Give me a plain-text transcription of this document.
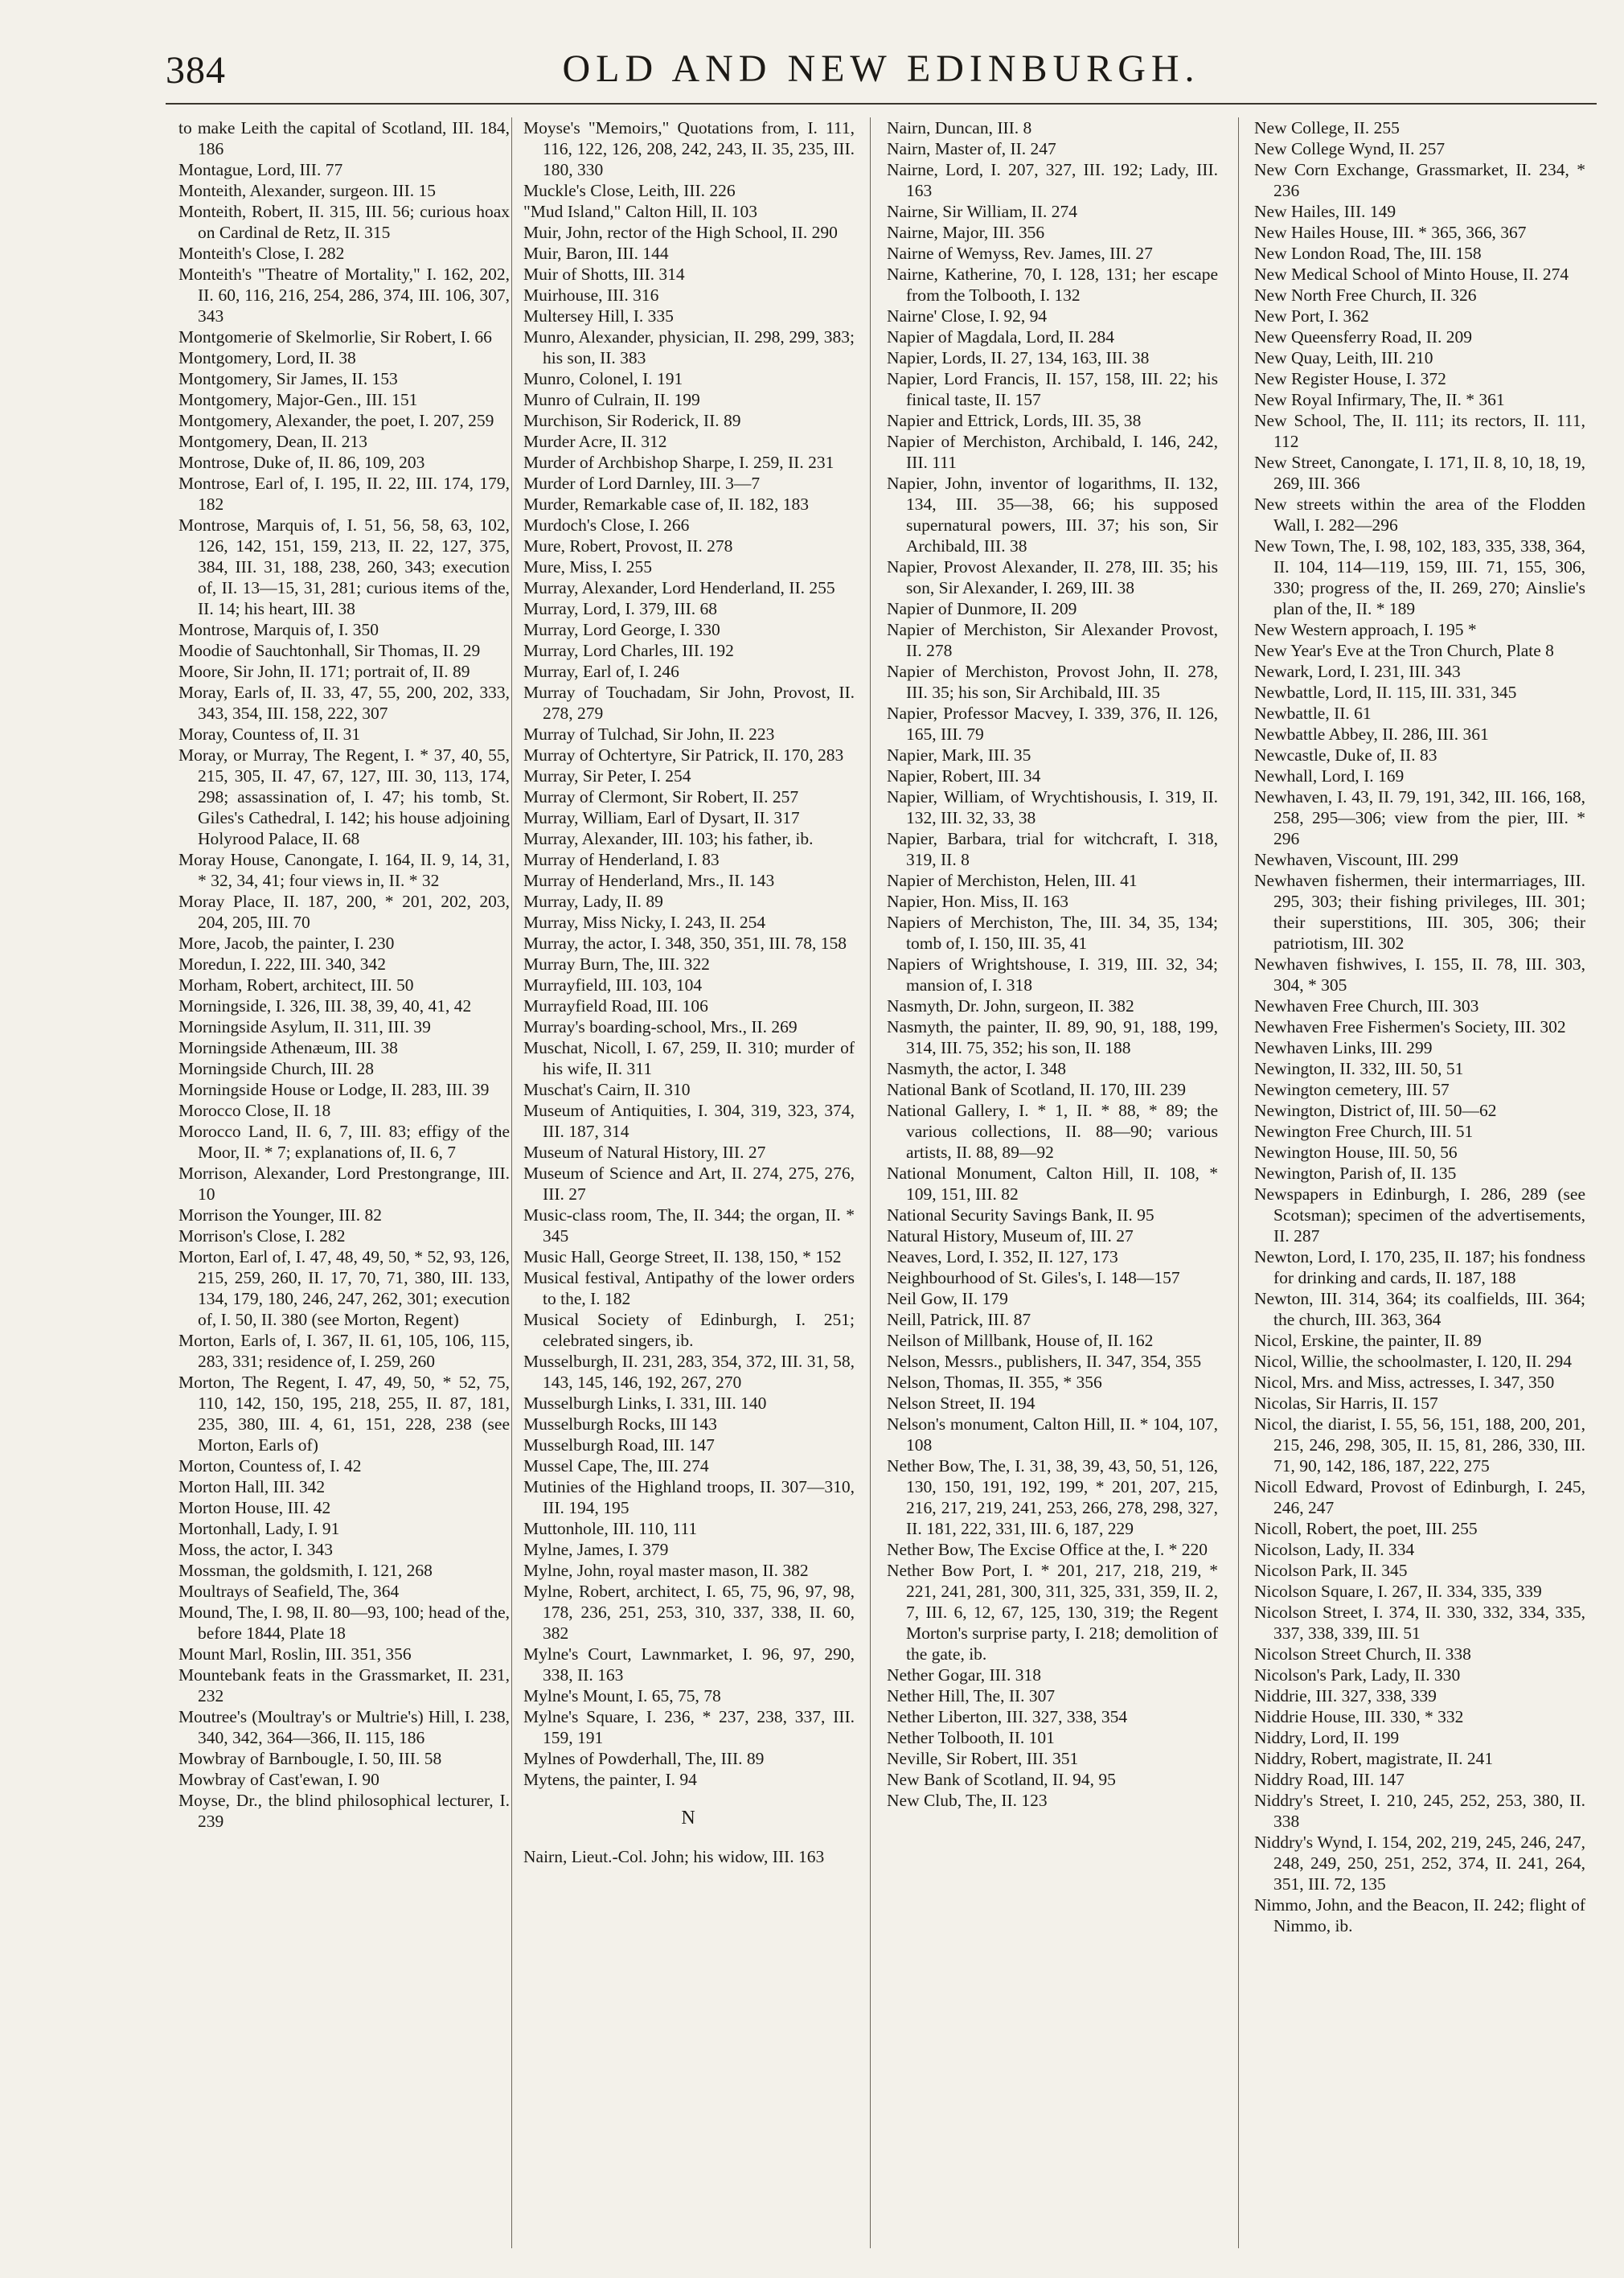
384	OLD AND NEW EDINBURGH.

to make Leith the capital of Scotland, III. 184, 186

Montague, Lord, III. 77

Monteith, Alexander, surgeon. III. 15

Monteith, Robert, II. 315, III. 56; curious hoax on Cardinal de Retz, II. 315

Monteith's Close, I. 282

Monteith's "Theatre of Mortality," I. 162, 202, II. 60, 116, 216, 254, 286, 374, III. 106, 307, 343

Montgomerie of Skelmorlie, Sir Robert, I. 66

Montgomery, Lord, II. 38

Montgomery, Sir James, II. 153

Montgomery, Major-Gen., III. 151

Montgomery, Alexander, the poet, I. 207, 259

Montgomery, Dean, II. 213

Montrose, Duke of, II. 86, 109, 203

Montrose, Earl of, I. 195, II. 22, III. 174, 179, 182

Montrose, Marquis of, I. 51, 56, 58, 63, 102, 126, 142, 151, 159, 213, II. 22, 127, 375, 384, III. 31, 188, 238, 260, 343; execution of, II. 13—15, 31, 281; curious items of the, II. 14; his heart, III. 38

Montrose, Marquis of, I. 350

Moodie of Sauchtonhall, Sir Thomas, II. 29

Moore, Sir John, II. 171; portrait of, II. 89

Moray, Earls of, II. 33, 47, 55, 200, 202, 333, 343, 354, III. 158, 222, 307

Moray, Countess of, II. 31

Moray, or Murray, The Regent, I. * 37, 40, 55, 215, 305, II. 47, 67, 127, III. 30, 113, 174, 298; assassination of, I. 47; his tomb, St. Giles's Cathedral, I. 142; his house adjoining Holyrood Palace, II. 68

Moray House, Canongate, I. 164, II. 9, 14, 31, * 32, 34, 41; four views in, II. * 32

Moray Place, II. 187, 200, * 201, 202, 203, 204, 205, III. 70

More, Jacob, the painter, I. 230

Moredun, I. 222, III. 340, 342

Morham, Robert, architect, III. 50

Morningside, I. 326, III. 38, 39, 40, 41, 42

Morningside Asylum, II. 311, III. 39

Morningside Athenæum, III. 38

Morningside Church, III. 28

Morningside House or Lodge, II. 283, III. 39

Morocco Close, II. 18

Morocco Land, II. 6, 7, III. 83; effigy of the Moor, II. * 7; explanations of, II. 6, 7

Morrison, Alexander, Lord Prestongrange, III. 10

Morrison the Younger, III. 82

Morrison's Close, I. 282

Morton, Earl of, I. 47, 48, 49, 50, * 52, 93, 126, 215, 259, 260, II. 17, 70, 71, 380, III. 133, 134, 179, 180, 246, 247, 262, 301; execution of, I. 50, II. 380 (see Morton, Regent)

Morton, Earls of, I. 367, II. 61, 105, 106, 115, 283, 331; residence of, I. 259, 260

Morton, The Regent, I. 47, 49, 50, * 52, 75, 110, 142, 150, 195, 218, 255, II. 87, 181, 235, 380, III. 4, 61, 151, 228, 238 (see Morton, Earls of)

Morton, Countess of, I. 42

Morton Hall, III. 342

Morton House, III. 42

Mortonhall, Lady, I. 91

Moss, the actor, I. 343

Mossman, the goldsmith, I. 121, 268

Moultrays of Seafield, The, 364

Mound, The, I. 98, II. 80—93, 100; head of the, before 1844, Plate 18

Mount Marl, Roslin, III. 351, 356

Mountebank feats in the Grassmarket, II. 231, 232

Moutree's (Moultray's or Multrie's) Hill, I. 238, 340, 342, 364—366, II. 115, 186

Mowbray of Barnbougle, I. 50, III. 58

Mowbray of Cast'ewan, I. 90

Moyse, Dr., the blind philosophical lecturer, I. 239

Moyse's "Memoirs," Quotations from, I. 111, 116, 122, 126, 208, 242, 243, II. 35, 235, III. 180, 330

Muckle's Close, Leith, III. 226

"Mud Island," Calton Hill, II. 103

Muir, John, rector of the High School, II. 290

Muir, Baron, III. 144

Muir of Shotts, III. 314

Muirhouse, III. 316

Multersey Hill, I. 335

Munro, Alexander, physician, II. 298, 299, 383; his son, II. 383

Munro, Colonel, I. 191

Munro of Culrain, II. 199

Murchison, Sir Roderick, II. 89

Murder Acre, II. 312

Murder of Archbishop Sharpe, I. 259, II. 231

Murder of Lord Darnley, III. 3—7

Murder, Remarkable case of, II. 182, 183

Murdoch's Close, I. 266

Mure, Robert, Provost, II. 278

Mure, Miss, I. 255

Murray, Alexander, Lord Henderland, II. 255

Murray, Lord, I. 379, III. 68

Murray, Lord George, I. 330

Murray, Lord Charles, III. 192

Murray, Earl of, I. 246

Murray of Touchadam, Sir John, Provost, II. 278, 279

Murray of Tulchad, Sir John, II. 223

Murray of Ochtertyre, Sir Patrick, II. 170, 283

Murray, Sir Peter, I. 254

Murray of Clermont, Sir Robert, II. 257

Murray, William, Earl of Dysart, II. 317

Murray, Alexander, III. 103; his father, ib.

Murray of Henderland, I. 83

Murray of Henderland, Mrs., II. 143

Murray, Lady, II. 89

Murray, Miss Nicky, I. 243, II. 254

Murray, the actor, I. 348, 350, 351, III. 78, 158

Murray Burn, The, III. 322

Murrayfield, III. 103, 104

Murrayfield Road, III. 106

Murray's boarding-school, Mrs., II. 269

Muschat, Nicoll, I. 67, 259, II. 310; murder of his wife, II. 311

Muschat's Cairn, II. 310

Museum of Antiquities, I. 304, 319, 323, 374, III. 187, 314

Museum of Natural History, III. 27

Museum of Science and Art, II. 274, 275, 276, III. 27

Music-class room, The, II. 344; the organ, II. * 345

Music Hall, George Street, II. 138, 150, * 152

Musical festival, Antipathy of the lower orders to the, I. 182

Musical Society of Edinburgh, I. 251; celebrated singers, ib.

Musselburgh, II. 231, 283, 354, 372, III. 31, 58, 143, 145, 146, 192, 267, 270

Musselburgh Links, I. 331, III. 140

Musselburgh Rocks, III 143

Musselburgh Road, III. 147

Mussel Cape, The, III. 274

Mutinies of the Highland troops, II. 307—310, III. 194, 195

Muttonhole, III. 110, 111

Mylne, James, I. 379

Mylne, John, royal master mason, II. 382

Mylne, Robert, architect, I. 65, 75, 96, 97, 98, 178, 236, 251, 253, 310, 337, 338, II. 60, 382

Mylne's Court, Lawnmarket, I. 96, 97, 290, 338, II. 163

Mylne's Mount, I. 65, 75, 78

Mylne's Square, I. 236, * 237, 238, 337, III. 159, 191

Mylnes of Powderhall, The, III. 89

Mytens, the painter, I. 94

N

Nairn, Lieut.-Col. John; his widow, III. 163

Nairn, Duncan, III. 8

Nairn, Master of, II. 247

Nairne, Lord, I. 207, 327, III. 192; Lady, III. 163

Nairne, Sir William, II. 274

Nairne, Major, III. 356

Nairne of Wemyss, Rev. James, III. 27

Nairne, Katherine, 70, I. 128, 131; her escape from the Tolbooth, I. 132

Nairne' Close, I. 92, 94

Napier of Magdala, Lord, II. 284

Napier, Lords, II. 27, 134, 163, III. 38

Napier, Lord Francis, II. 157, 158, III. 22; his finical taste, II. 157

Napier and Ettrick, Lords, III. 35, 38

Napier of Merchiston, Archibald, I. 146, 242, III. 111

Napier, John, inventor of logarithms, II. 132, 134, III. 35—38, 66; his supposed supernatural powers, III. 37; his son, Sir Archibald, III. 38

Napier, Provost Alexander, II. 278, III. 35; his son, Sir Alexander, I. 269, III. 38

Napier of Dunmore, II. 209

Napier of Merchiston, Sir Alexander Provost, II. 278

Napier of Merchiston, Provost John, II. 278, III. 35; his son, Sir Archibald, III. 35

Napier, Professor Macvey, I. 339, 376, II. 126, 165, III. 79

Napier, Mark, III. 35

Napier, Robert, III. 34

Napier, William, of Wrychtishousis, I. 319, II. 132, III. 32, 33, 38

Napier, Barbara, trial for witchcraft, I. 318, 319, II. 8

Napier of Merchiston, Helen, III. 41

Napier, Hon. Miss, II. 163

Napiers of Merchiston, The, III. 34, 35, 134; tomb of, I. 150, III. 35, 41

Napiers of Wrightshouse, I. 319, III. 32, 34; mansion of, I. 318

Nasmyth, Dr. John, surgeon, II. 382

Nasmyth, the painter, II. 89, 90, 91, 188, 199, 314, III. 75, 352; his son, II. 188

Nasmyth, the actor, I. 348

National Bank of Scotland, II. 170, III. 239

National Gallery, I. * 1, II. * 88, * 89; the various collections, II. 88—90; various artists, II. 88, 89—92

National Monument, Calton Hill, II. 108, * 109, 151, III. 82

National Security Savings Bank, II. 95

Natural History, Museum of, III. 27

Neaves, Lord, I. 352, II. 127, 173

Neighbourhood of St. Giles's, I. 148—157

Neil Gow, II. 179

Neill, Patrick, III. 87

Neilson of Millbank, House of, II. 162

Nelson, Messrs., publishers, II. 347, 354, 355

Nelson, Thomas, II. 355, * 356

Nelson Street, II. 194

Nelson's monument, Calton Hill, II. * 104, 107, 108

Nether Bow, The, I. 31, 38, 39, 43, 50, 51, 126, 130, 150, 191, 192, 199, * 201, 207, 215, 216, 217, 219, 241, 253, 266, 278, 298, 327, II. 181, 222, 331, III. 6, 187, 229

Nether Bow, The Excise Office at the, I. * 220

Nether Bow Port, I. * 201, 217, 218, 219, * 221, 241, 281, 300, 311, 325, 331, 359, II. 2, 7, III. 6, 12, 67, 125, 130, 319; the Regent Morton's surprise party, I. 218; demolition of the gate, ib.

Nether Gogar, III. 318

Nether Hill, The, II. 307

Nether Liberton, III. 327, 338, 354

Nether Tolbooth, II. 101

Neville, Sir Robert, III. 351

New Bank of Scotland, II. 94, 95

New Club, The, II. 123

New College, II. 255

New College Wynd, II. 257

New Corn Exchange, Grassmarket, II. 234, * 236

New Hailes, III. 149

New Hailes House, III. * 365, 366, 367

New London Road, The, III. 158

New Medical School of Minto House, II. 274

New North Free Church, II. 326

New Port, I. 362

New Queensferry Road, II. 209

New Quay, Leith, III. 210

New Register House, I. 372

New Royal Infirmary, The, II. * 361

New School, The, II. 111; its rectors, II. 111, 112

New Street, Canongate, I. 171, II. 8, 10, 18, 19, 269, III. 366

New streets within the area of the Flodden Wall, I. 282—296

New Town, The, I. 98, 102, 183, 335, 338, 364, II. 104, 114—119, 159, III. 71, 155, 306, 330; progress of the, II. 269, 270; Ainslie's plan of the, II. * 189

New Western approach, I. 195 *

New Year's Eve at the Tron Church, Plate 8

Newark, Lord, I. 231, III. 343

Newbattle, Lord, II. 115, III. 331, 345

Newbattle, II. 61

Newbattle Abbey, II. 286, III. 361

Newcastle, Duke of, II. 83

Newhall, Lord, I. 169

Newhaven, I. 43, II. 79, 191, 342, III. 166, 168, 258, 295—306; view from the pier, III. * 296

Newhaven, Viscount, III. 299

Newhaven fishermen, their intermarriages, III. 295, 303; their fishing privileges, III. 301; their superstitions, III. 305, 306; their patriotism, III. 302

Newhaven fishwives, I. 155, II. 78, III. 303, 304, * 305

Newhaven Free Church, III. 303

Newhaven Free Fishermen's Society, III. 302

Newhaven Links, III. 299

Newington, II. 332, III. 50, 51

Newington cemetery, III. 57

Newington, District of, III. 50—62

Newington Free Church, III. 51

Newington House, III. 50, 56

Newington, Parish of, II. 135

Newspapers in Edinburgh, I. 286, 289 (see Scotsman); specimen of the advertisements, II. 287

Newton, Lord, I. 170, 235, II. 187; his fondness for drinking and cards, II. 187, 188

Newton, III. 314, 364; its coalfields, III. 364; the church, III. 363, 364

Nicol, Erskine, the painter, II. 89

Nicol, Willie, the schoolmaster, I. 120, II. 294

Nicol, Mrs. and Miss, actresses, I. 347, 350

Nicolas, Sir Harris, II. 157

Nicol, the diarist, I. 55, 56, 151, 188, 200, 201, 215, 246, 298, 305, II. 15, 81, 286, 330, III. 71, 90, 142, 186, 187, 222, 275

Nicoll Edward, Provost of Edinburgh, I. 245, 246, 247

Nicoll, Robert, the poet, III. 255

Nicolson, Lady, II. 334

Nicolson Park, II. 345

Nicolson Square, I. 267, II. 334, 335, 339

Nicolson Street, I. 374, II. 330, 332, 334, 335, 337, 338, 339, III. 51

Nicolson Street Church, II. 338

Nicolson's Park, Lady, II. 330

Niddrie, III. 327, 338, 339

Niddrie House, III. 330, * 332

Niddry, Lord, II. 199

Niddry, Robert, magistrate, II. 241

Niddry Road, III. 147

Niddry's Street, I. 210, 245, 252, 253, 380, II. 338

Niddry's Wynd, I. 154, 202, 219, 245, 246, 247, 248, 249, 250, 251, 252, 374, II. 241, 264, 351, III. 72, 135

Nimmo, John, and the Beacon, II. 242; flight of Nimmo, ib.
